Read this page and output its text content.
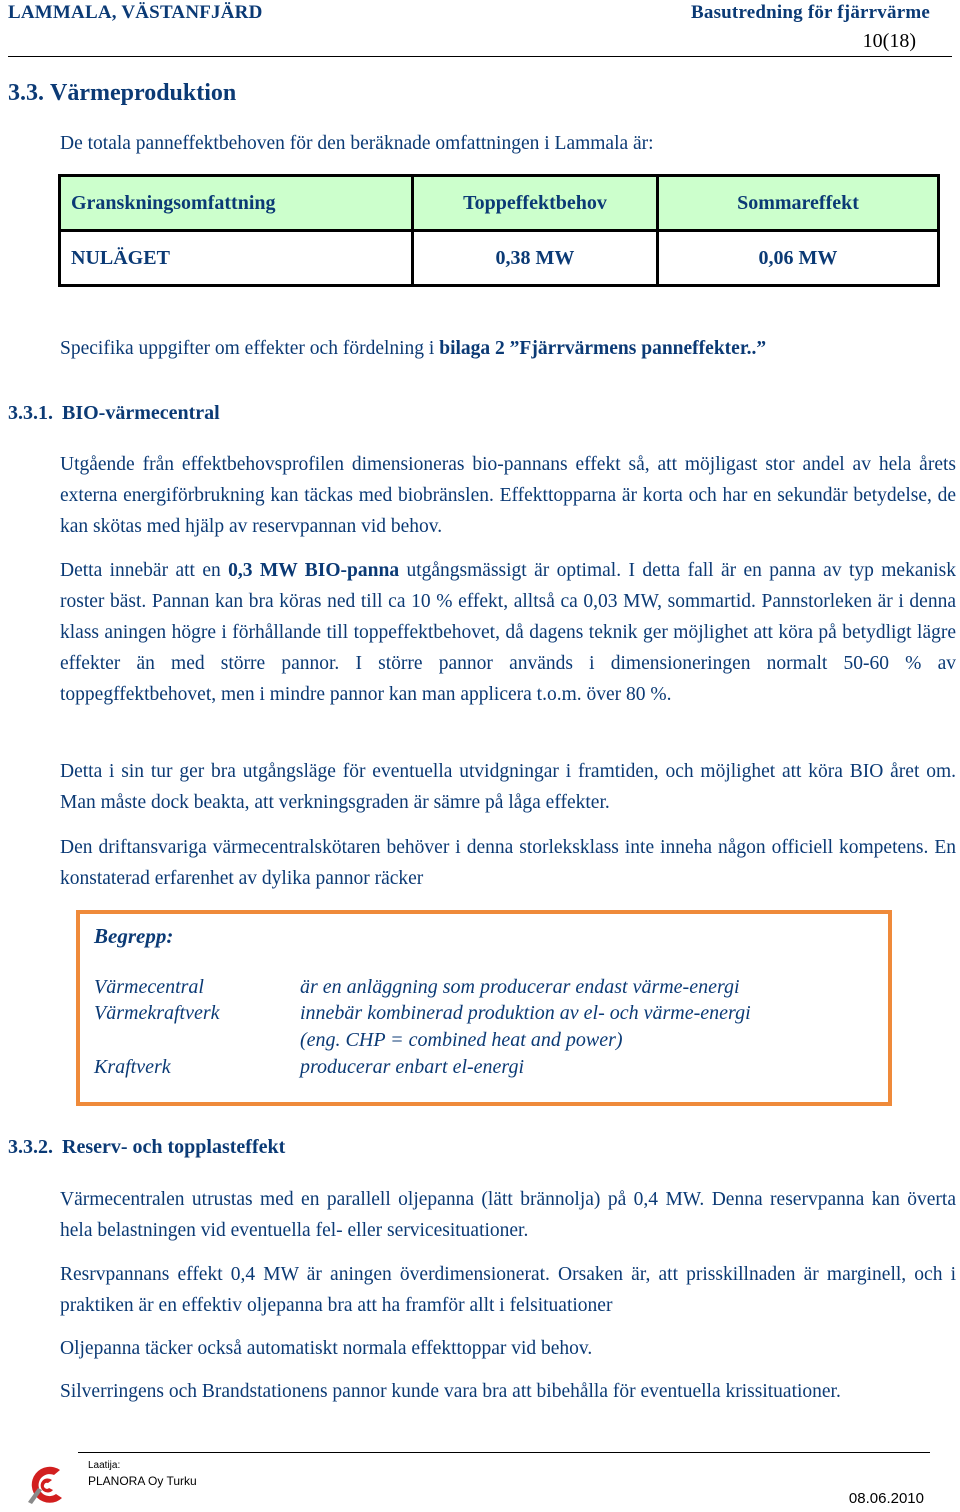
LAMMALA, VÄSTANFJÄRD	Basutredning för fjärrvärme
10(18)
3.3. Värmeproduktion

De totala panneffektbehoven för den beräknade omfattningen i Lammala är:

Granskningsomfattning	Toppeffektbehov	Sommareffekt
NULÄGET	0,38 MW	0,06 MW

Specifika uppgifter om effekter och fördelning i bilaga 2 ”Fjärrvärmens panneffekter..”

3.3.1. BIO-värmecentral

Utgående från effektbehovsprofilen dimensioneras bio-pannans effekt så, att möjligast stor andel av hela årets externa energiförbrukning kan täckas med biobränslen. Effekttopparna är korta och har en sekundär betydelse, de kan skötas med hjälp av reservpannan vid behov.

Detta innebär att en 0,3 MW BIO-panna utgångsmässigt är optimal. I detta fall är en panna av typ mekanisk roster bäst. Pannan kan bra köras ned till ca 10 % effekt, alltså ca 0,03 MW, sommartid. Pannstorleken är i denna klass aningen högre i förhållande till toppeffektbehovet, då dagens teknik ger möjlighet att köra på betydligt lägre effekter än med större pannor. I större pannor används i dimensioneringen normalt 50-60 % av toppegffektbehovet, men i mindre pannor kan man applicera t.o.m. över 80 %.

Detta i sin tur ger bra utgångsläge för eventuella utvidgningar i framtiden, och möjlighet att köra BIO året om. Man måste dock beakta, att verkningsgraden är sämre på låga effekter.

Den driftansvariga värmecentralskötaren behöver i denna storleksklass inte inneha någon officiell kompetens. En konstaterad erfarenhet av dylika pannor räcker

Begrepp:
Värmecentral	är en anläggning som producerar endast värme-energi
Värmekraftverk	innebär kombinerad produktion av el- och värme-energi
(eng. CHP = combined heat and power)
Kraftverk	producerar enbart el-energi
3.3.2. Reserv- och topplasteffekt

Värmecentralen utrustas med en parallell oljepanna (lätt brännolja) på 0,4 MW. Denna reservpanna kan överta hela belastningen vid eventuella fel- eller servicesituationer.

Resrvpannans effekt 0,4 MW är aningen överdimensionerat. Orsaken är, att prisskillnaden är marginell, och i praktiken är en effektiv oljepanna bra att ha framför allt i felsituationer

Oljepanna täcker också automatiskt normala effekttoppar vid behov.

Silverringens och Brandstationens pannor kunde vara bra att bibehålla för eventuella krissituationer.

Laatija:
PLANORA Oy Turku
08.06.2010
